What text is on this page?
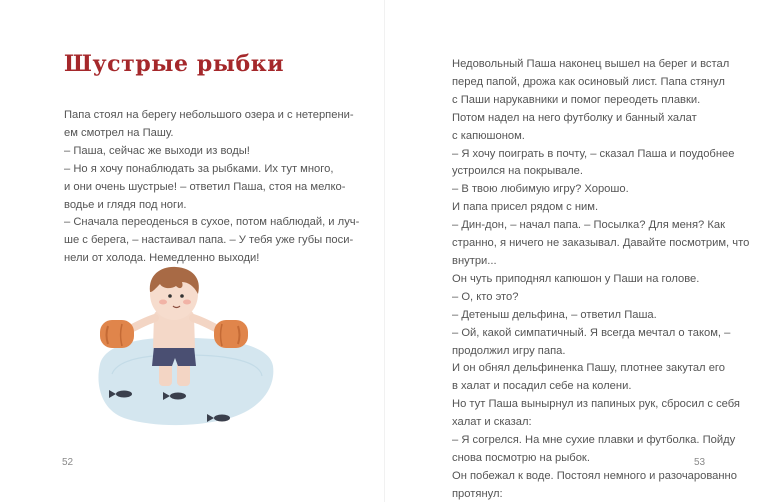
Шустрые рыбки
Папа стоял на берегу небольшого озера и с нетерпени-
ем смотрел на Пашу.
– Паша, сейчас же выходи из воды!
– Но я хочу понаблюдать за рыбками. Их тут много,
и они очень шустрые! – ответил Паша, стоя на мелко-
водье и глядя под ноги.
– Сначала переоденься в сухое, потом наблюдай, и луч-
ше с берега, – настаивал папа. – У тебя уже губы поси-
нели от холода. Немедленно выходи!
52
Недовольный Паша наконец вышел на берег и встал
перед папой, дрожа как осиновый лист. Папа стянул
с Паши нарукавники и помог переодеть плавки.
Потом надел на него футболку и банный халат
с капюшоном.
– Я хочу поиграть в почту, – сказал Паша и поудобнее
устроился на покрывале.
– В твою любимую игру? Хорошо.
И папа присел рядом с ним.
– Дин-дон, – начал папа. – Посылка? Для меня? Как
странно, я ничего не заказывал. Давайте посмотрим, что
внутри...
Он чуть приподнял капюшон у Паши на голове.
– О, кто это?
– Детеныш дельфина, – ответил Паша.
– Ой, какой симпатичный. Я всегда мечтал о таком, –
продолжил игру папа.
И он обнял дельфиненка Пашу, плотнее закутал его
в халат и посадил себе на колени.
Но тут Паша вынырнул из папиных рук, сбросил с себя
халат и сказал:
– Я согрелся. На мне сухие плавки и футболка. Пойду
снова посмотрю на рыбок.
Он побежал к воде. Постоял немного и разочарованно
протянул:
53
